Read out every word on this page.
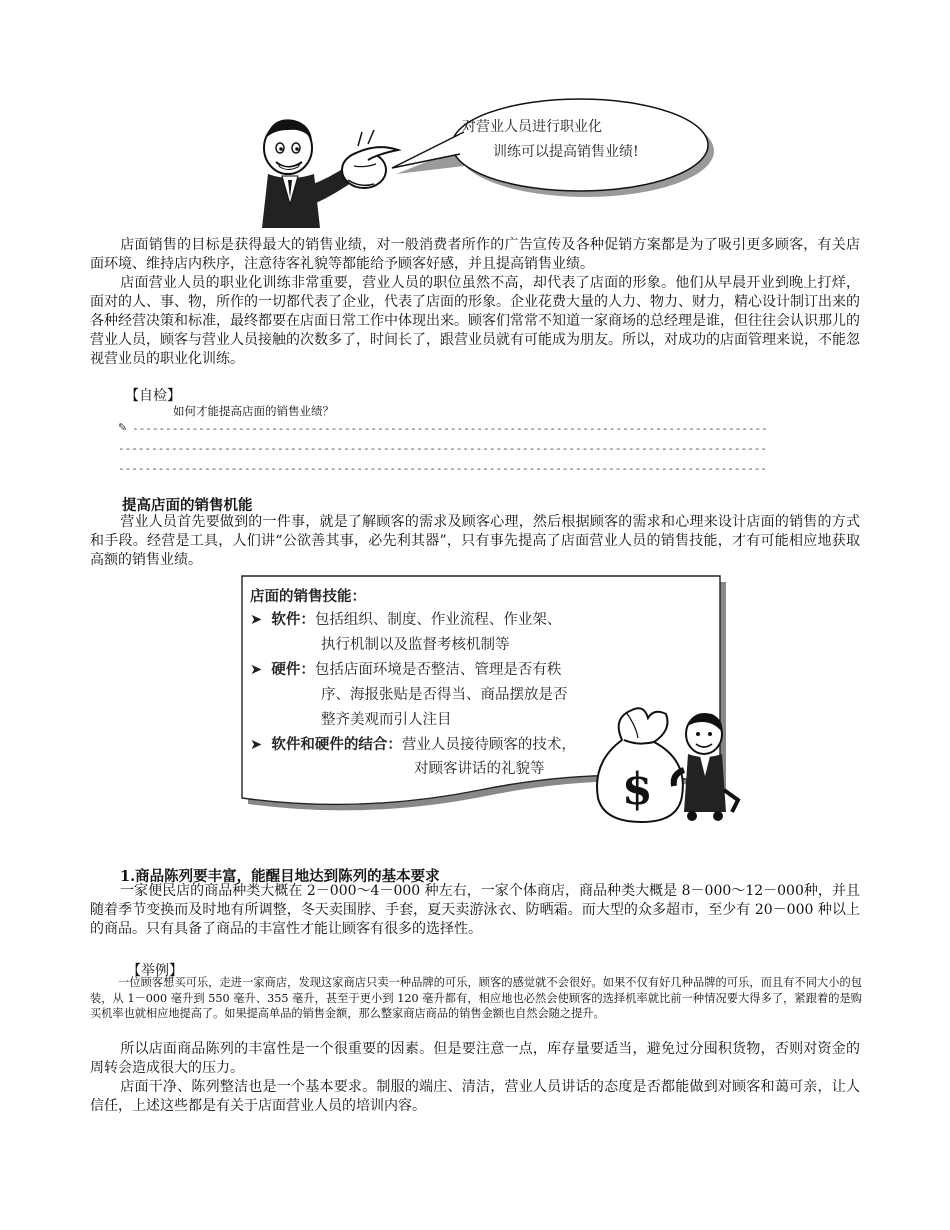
对营业人员进行职业化
训练可以提高销售业绩!

店面销售的目标是获得最大的销售业绩，对一般消费者所作的广告宣传及各种促销方案都是为了吸引更多顾客，有关店面环境、维持店内秩序，注意待客礼貌等都能给予顾客好感，并且提高销售业绩。

店面营业人员的职业化训练非常重要，营业人员的职位虽然不高，却代表了店面的形象。他们从早晨开业到晚上打烊，面对的人、事、物，所作的一切都代表了企业，代表了店面的形象。企业花费大量的人力、物力、财力，精心设计制订出来的各种经营决策和标准，最终都要在店面日常工作中体现出来。顾客们常常不知道一家商场的总经理是谁，但往往会认识那儿的营业人员，顾客与营业人员接触的次数多了，时间长了，跟营业员就有可能成为朋友。所以，对成功的店面管理来说，不能忽视营业员的职业化训练。

【自检】
如何才能提高店面的销售业绩？
✎ ------------------------------------------------------------------------------------------------
--------------------------------------------------------------------------------------------------
--------------------------------------------------------------------------------------------------
提高店面的销售机能

营业人员首先要做到的一件事，就是了解顾客的需求及顾客心理，然后根据顾客的需求和心理来设计店面的销售的方式和手段。经营是工具，人们讲“公欲善其事，必先利其器”，只有事先提高了店面营业人员的销售技能，才有可能相应地获取高额的销售业绩。

店面的销售技能：
➤  软件：包括组织、制度、作业流程、作业架、
执行机制以及监督考核机制等
➤  硬件：包括店面环境是否整洁、管理是否有秩
序、海报张贴是否得当、商品摆放是否
整齐美观而引人注目
➤  软件和硬件的结合：营业人员接待顾客的技术，
对顾客讲话的礼貌等 $
1.商品陈列要丰富，能醒目地达到陈列的基本要求

一家便民店的商品种类大概在 2－000～4－000 种左右，一家个体商店，商品种类大概是 8－000～12－000种，并且随着季节变换而及时地有所调整，冬天卖围脖、手套，夏天卖游泳衣、防晒霜。而大型的众多超市，至少有 20－000 种以上的商品。只有具备了商品的丰富性才能让顾客有很多的选择性。

【举例】

一位顾客想买可乐，走进一家商店，发现这家商店只卖一种品牌的可乐，顾客的感觉就不会很好。如果不仅有好几种品牌的可乐，而且有不同大小的包装，从 1－000 毫升到 550 毫升、355 毫升，甚至于更小到 120 毫升都有，相应地也必然会使顾客的选择机率就比前一种情况要大得多了，紧跟着的是购买机率也就相应地提高了。如果提高单品的销售金额，那么整家商店商品的销售金额也自然会随之提升。

所以店面商品陈列的丰富性是一个很重要的因素。但是要注意一点，库存量要适当，避免过分囤积货物，否则对资金的周转会造成很大的压力。

店面干净、陈列整洁也是一个基本要求。制服的端庄、清洁，营业人员讲话的态度是否都能做到对顾客和蔼可亲，让人信任，上述这些都是有关于店面营业人员的培训内容。
